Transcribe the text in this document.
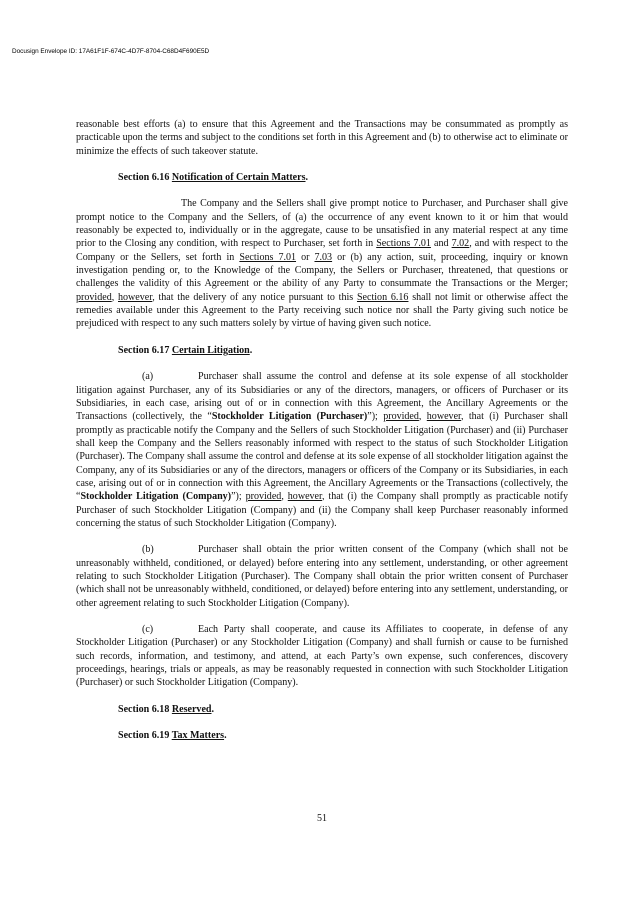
Docusign Envelope ID: 17A61F1F-674C-4D7F-8704-C68D4F690E5D

reasonable best efforts (a) to ensure that this Agreement and the Transactions may be consummated as promptly as practicable upon the terms and subject to the conditions set forth in this Agreement and (b) to otherwise act to eliminate or minimize the effects of such takeover statute.

Section 6.16 Notification of Certain Matters.

The Company and the Sellers shall give prompt notice to Purchaser, and Purchaser shall give prompt notice to the Company and the Sellers, of (a) the occurrence of any event known to it or him that would reasonably be expected to, individually or in the aggregate, cause to be unsatisfied in any material respect at any time prior to the Closing any condition, with respect to Purchaser, set forth in Sections 7.01 and 7.02, and with respect to the Company or the Sellers, set forth in Sections 7.01 or 7.03 or (b) any action, suit, proceeding, inquiry or known investigation pending or, to the Knowledge of the Company, the Sellers or Purchaser, threatened, that questions or challenges the validity of this Agreement or the ability of any Party to consummate the Transactions or the Merger; provided, however, that the delivery of any notice pursuant to this Section 6.16 shall not limit or otherwise affect the remedies available under this Agreement to the Party receiving such notice nor shall the Party giving such notice be prejudiced with respect to any such matters solely by virtue of having given such notice.

Section 6.17 Certain Litigation.

(a)	Purchaser shall assume the control and defense at its sole expense of all stockholder litigation against Purchaser, any of its Subsidiaries or any of the directors, managers, or officers of Purchaser or its Subsidiaries, in each case, arising out of or in connection with this Agreement, the Ancillary Agreements or the Transactions (collectively, the “Stockholder Litigation (Purchaser)”); provided, however, that (i) Purchaser shall promptly as practicable notify the Company and the Sellers of such Stockholder Litigation (Purchaser) and (ii) Purchaser shall keep the Company and the Sellers reasonably informed with respect to the status of such Stockholder Litigation (Purchaser). The Company shall assume the control and defense at its sole expense of all stockholder litigation against the Company, any of its Subsidiaries or any of the directors, managers or officers of the Company or its Subsidiaries, in each case, arising out of or in connection with this Agreement, the Ancillary Agreements or the Transactions (collectively, the “Stockholder Litigation (Company)”); provided, however, that (i) the Company shall promptly as practicable notify Purchaser of such Stockholder Litigation (Company) and (ii) the Company shall keep Purchaser reasonably informed concerning the status of such Stockholder Litigation (Company).

(b)	Purchaser shall obtain the prior written consent of the Company (which shall not be unreasonably withheld, conditioned, or delayed) before entering into any settlement, understanding, or other agreement relating to such Stockholder Litigation (Purchaser). The Company shall obtain the prior written consent of Purchaser (which shall not be unreasonably withheld, conditioned, or delayed) before entering into any settlement, understanding, or other agreement relating to such Stockholder Litigation (Company).

(c)	Each Party shall cooperate, and cause its Affiliates to cooperate, in defense of any Stockholder Litigation (Purchaser) or any Stockholder Litigation (Company) and shall furnish or cause to be furnished such records, information, and testimony, and attend, at each Party’s own expense, such conferences, discovery proceedings, hearings, trials or appeals, as may be reasonably requested in connection with such Stockholder Litigation (Purchaser) or such Stockholder Litigation (Company).

Section 6.18 Reserved.

Section 6.19 Tax Matters.

51
